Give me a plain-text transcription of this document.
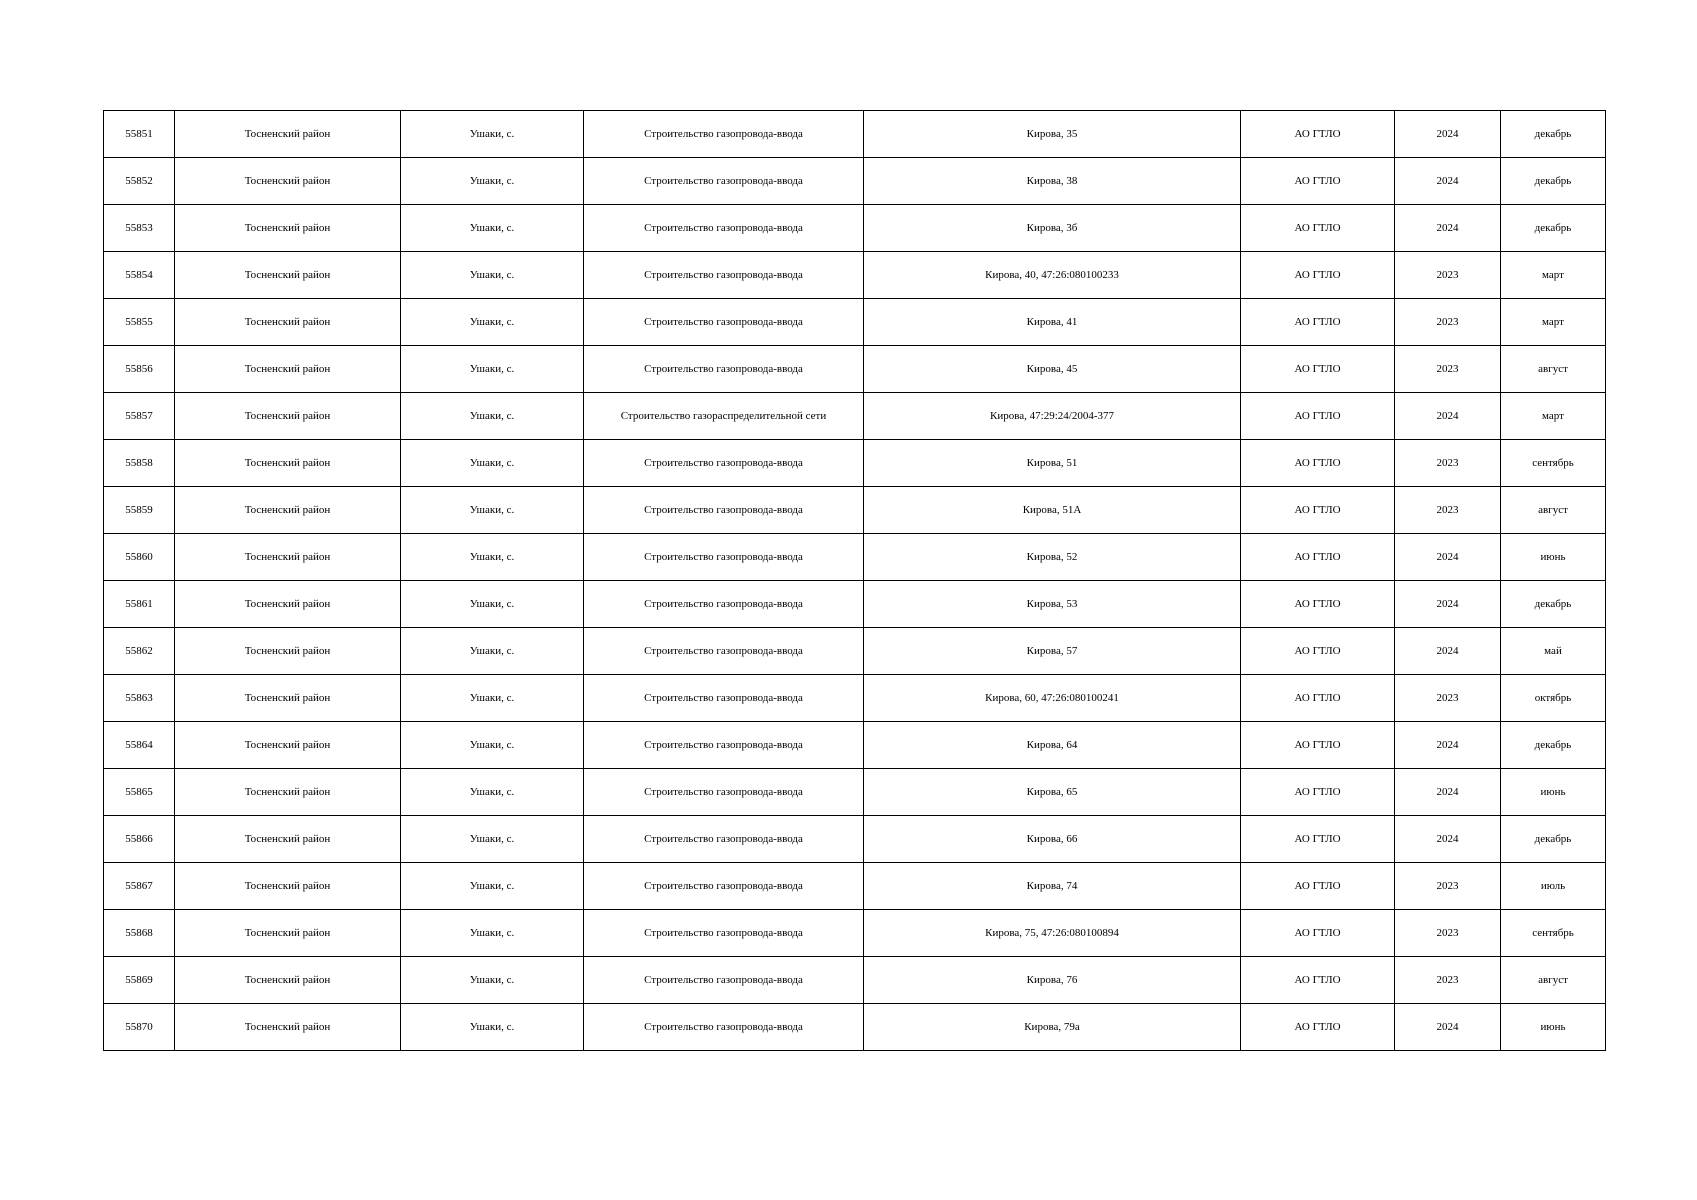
55851	Тосненский район	Ушаки, с.	Строительство газопровода-ввода	Кирова, 35	АО ГТЛО	2024	декабрь
55852	Тосненский район	Ушаки, с.	Строительство газопровода-ввода	Кирова, 38	АО ГТЛО	2024	декабрь
55853	Тосненский район	Ушаки, с.	Строительство газопровода-ввода	Кирова, 3б	АО ГТЛО	2024	декабрь
55854	Тосненский район	Ушаки, с.	Строительство газопровода-ввода	Кирова, 40, 47:26:080100233	АО ГТЛО	2023	март
55855	Тосненский район	Ушаки, с.	Строительство газопровода-ввода	Кирова, 41	АО ГТЛО	2023	март
55856	Тосненский район	Ушаки, с.	Строительство газопровода-ввода	Кирова, 45	АО ГТЛО	2023	август
55857	Тосненский район	Ушаки, с.	Строительство газораспределительной сети	Кирова, 47:29:24/2004-377	АО ГТЛО	2024	март
55858	Тосненский район	Ушаки, с.	Строительство газопровода-ввода	Кирова, 51	АО ГТЛО	2023	сентябрь
55859	Тосненский район	Ушаки, с.	Строительство газопровода-ввода	Кирова, 51А	АО ГТЛО	2023	август
55860	Тосненский район	Ушаки, с.	Строительство газопровода-ввода	Кирова, 52	АО ГТЛО	2024	июнь
55861	Тосненский район	Ушаки, с.	Строительство газопровода-ввода	Кирова, 53	АО ГТЛО	2024	декабрь
55862	Тосненский район	Ушаки, с.	Строительство газопровода-ввода	Кирова, 57	АО ГТЛО	2024	май
55863	Тосненский район	Ушаки, с.	Строительство газопровода-ввода	Кирова, 60, 47:26:080100241	АО ГТЛО	2023	октябрь
55864	Тосненский район	Ушаки, с.	Строительство газопровода-ввода	Кирова, 64	АО ГТЛО	2024	декабрь
55865	Тосненский район	Ушаки, с.	Строительство газопровода-ввода	Кирова, 65	АО ГТЛО	2024	июнь
55866	Тосненский район	Ушаки, с.	Строительство газопровода-ввода	Кирова, 66	АО ГТЛО	2024	декабрь
55867	Тосненский район	Ушаки, с.	Строительство газопровода-ввода	Кирова, 74	АО ГТЛО	2023	июль
55868	Тосненский район	Ушаки, с.	Строительство газопровода-ввода	Кирова, 75, 47:26:080100894	АО ГТЛО	2023	сентябрь
55869	Тосненский район	Ушаки, с.	Строительство газопровода-ввода	Кирова, 76	АО ГТЛО	2023	август
55870	Тосненский район	Ушаки, с.	Строительство газопровода-ввода	Кирова, 79а	АО ГТЛО	2024	июнь
